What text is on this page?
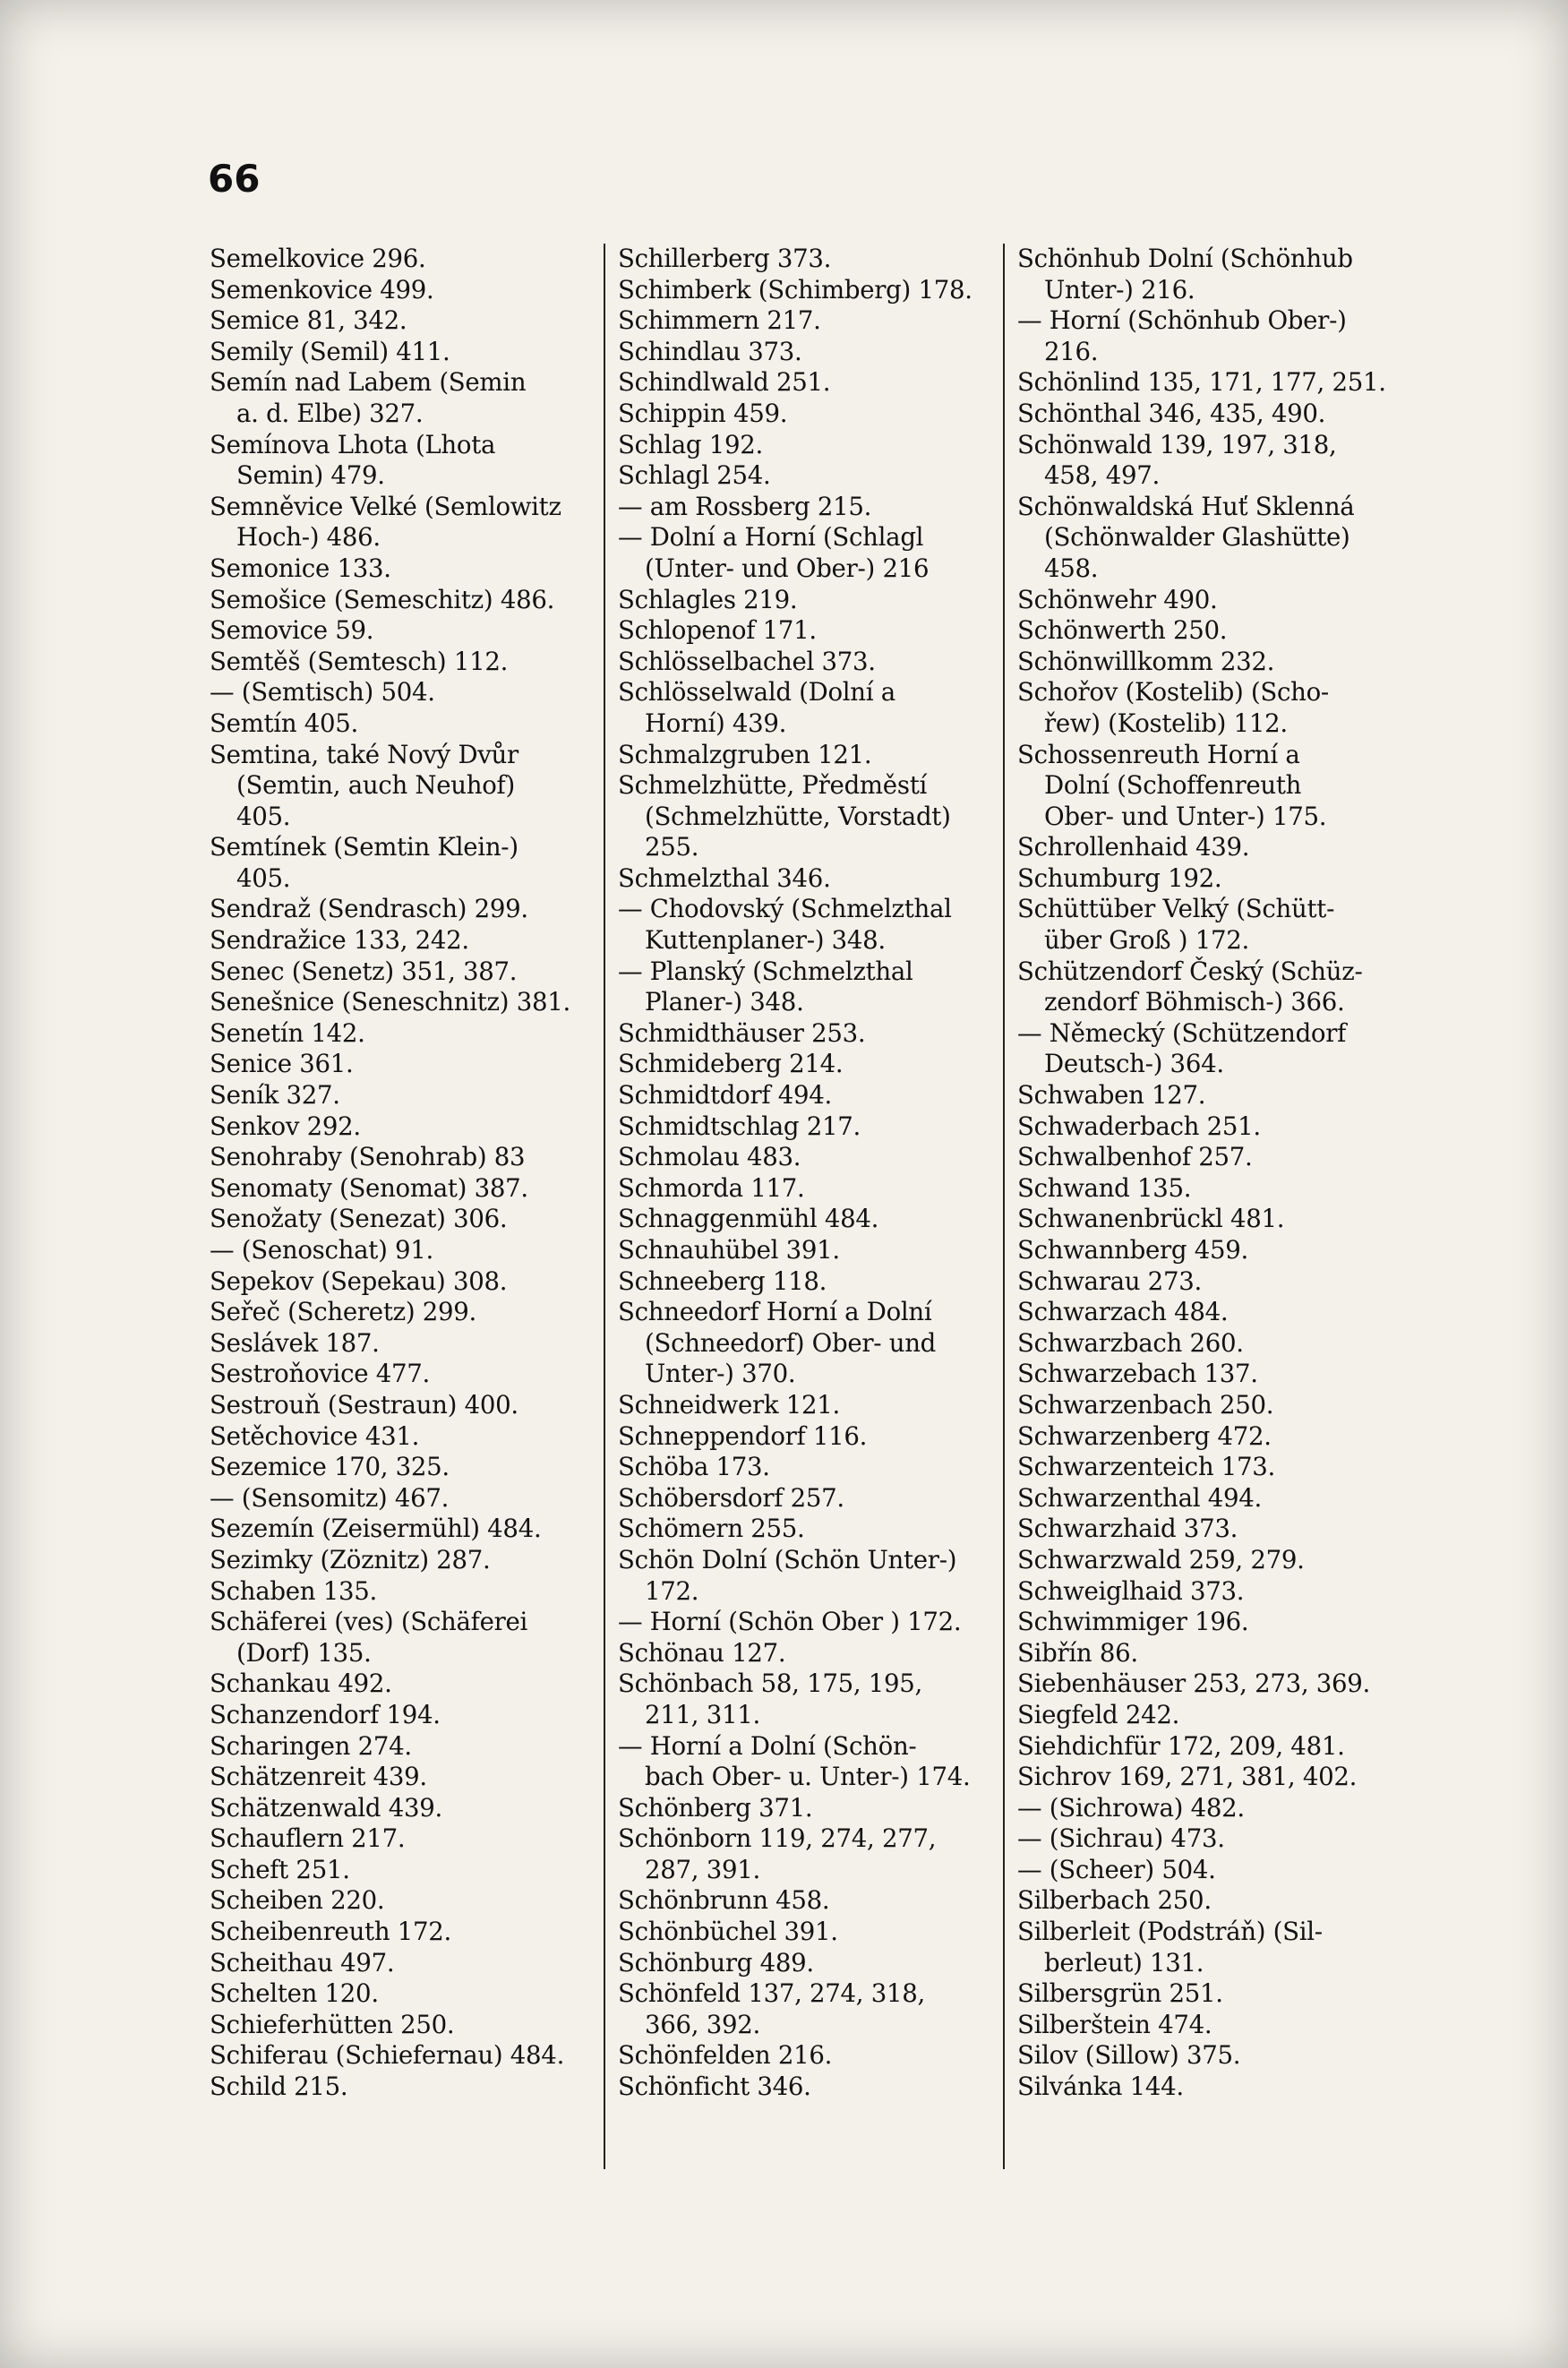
66
Semelkovice 296.
Semenkovice 499.
Semice 81, 342.
Semily (Semil) 411.
Semín nad Labem (Semin
a. d. Elbe) 327.
Semínova Lhota (Lhota
Semin) 479.
Semněvice Velké (Semlowitz
Hoch-) 486.
Semonice 133.
Semošice (Semeschitz) 486.
Semovice 59.
Semtěš (Semtesch) 112.
— (Semtisch) 504.
Semtín 405.
Semtina, také Nový Dvůr
(Semtin, auch Neuhof)
405.
Semtínek (Semtin Klein-)
405.
Sendraž (Sendrasch) 299.
Sendražice 133, 242.
Senec (Senetz) 351, 387.
Senešnice (Seneschnitz) 381.
Senetín 142.
Senice 361.
Seník 327.
Senkov 292.
Senohraby (Senohrab) 83
Senomaty (Senomat) 387.
Senožaty (Senezat) 306.
— (Senoschat) 91.
Sepekov (Sepekau) 308.
Seřeč (Scheretz) 299.
Seslávek 187.
Sestroňovice 477.
Sestrouň (Sestraun) 400.
Setěchovice 431.
Sezemice 170, 325.
— (Sensomitz) 467.
Sezemín (Zeisermühl) 484.
Sezimky (Zöznitz) 287.
Schaben 135.
Schäferei (ves) (Schäferei
(Dorf) 135.
Schankau 492.
Schanzendorf 194.
Scharingen 274.
Schätzenreit 439.
Schätzenwald 439.
Schauflern 217.
Scheft 251.
Scheiben 220.
Scheibenreuth 172.
Scheithau 497.
Schelten 120.
Schieferhütten 250.
Schiferau (Schiefernau) 484.
Schild 215.
Schillerberg 373.
Schimberk (Schimberg) 178.
Schimmern 217.
Schindlau 373.
Schindlwald 251.
Schippin 459.
Schlag 192.
Schlagl 254.
— am Rossberg 215.
— Dolní a Horní (Schlagl
(Unter- und Ober-) 216
Schlagles 219.
Schlopenof 171.
Schlösselbachel 373.
Schlösselwald (Dolní a
Horní) 439.
Schmalzgruben 121.
Schmelzhütte, Předměstí
(Schmelzhütte, Vorstadt)
255.
Schmelzthal 346.
— Chodovský (Schmelzthal
Kuttenplaner-) 348.
— Planský (Schmelzthal
Planer-) 348.
Schmidthäuser 253.
Schmideberg 214.
Schmidtdorf 494.
Schmidtschlag 217.
Schmolau 483.
Schmorda 117.
Schnaggenmühl 484.
Schnauhübel 391.
Schneeberg 118.
Schneedorf Horní a Dolní
(Schneedorf) Ober- und
Unter-) 370.
Schneidwerk 121.
Schneppendorf 116.
Schöba 173.
Schöbersdorf 257.
Schömern 255.
Schön Dolní (Schön Unter-)
172.
— Horní (Schön Ober ) 172.
Schönau 127.
Schönbach 58, 175, 195,
211, 311.
— Horní a Dolní (Schön-
bach Ober- u. Unter-) 174.
Schönberg 371.
Schönborn 119, 274, 277,
287, 391.
Schönbrunn 458.
Schönbüchel 391.
Schönburg 489.
Schönfeld 137, 274, 318,
366, 392.
Schönfelden 216.
Schönficht 346.
Schönhub Dolní (Schönhub
Unter-) 216.
— Horní (Schönhub Ober-)
216.
Schönlind 135, 171, 177, 251.
Schönthal 346, 435, 490.
Schönwald 139, 197, 318,
458, 497.
Schönwaldská Huť Sklenná
(Schönwalder Glashütte)
458.
Schönwehr 490.
Schönwerth 250.
Schönwillkomm 232.
Schořov (Kostelib) (Scho-
řew) (Kostelib) 112.
Schossenreuth Horní a
Dolní (Schoffenreuth
Ober- und Unter-) 175.
Schrollenhaid 439.
Schumburg 192.
Schüttüber Velký (Schütt-
über Groß ) 172.
Schützendorf Český (Schüz-
zendorf Böhmisch-) 366.
— Německý (Schützendorf
Deutsch-) 364.
Schwaben 127.
Schwaderbach 251.
Schwalbenhof 257.
Schwand 135.
Schwanenbrückl 481.
Schwannberg 459.
Schwarau 273.
Schwarzach 484.
Schwarzbach 260.
Schwarzebach 137.
Schwarzenbach 250.
Schwarzenberg 472.
Schwarzenteich 173.
Schwarzenthal 494.
Schwarzhaid 373.
Schwarzwald 259, 279.
Schweiglhaid 373.
Schwimmiger 196.
Sibřín 86.
Siebenhäuser 253, 273, 369.
Siegfeld 242.
Siehdichfür 172, 209, 481.
Sichrov 169, 271, 381, 402.
— (Sichrowa) 482.
— (Sichrau) 473.
— (Scheer) 504.
Silberbach 250.
Silberleit (Podstráň) (Sil-
berleut) 131.
Silbersgrün 251.
Silberštein 474.
Silov (Sillow) 375.
Silvánka 144.
